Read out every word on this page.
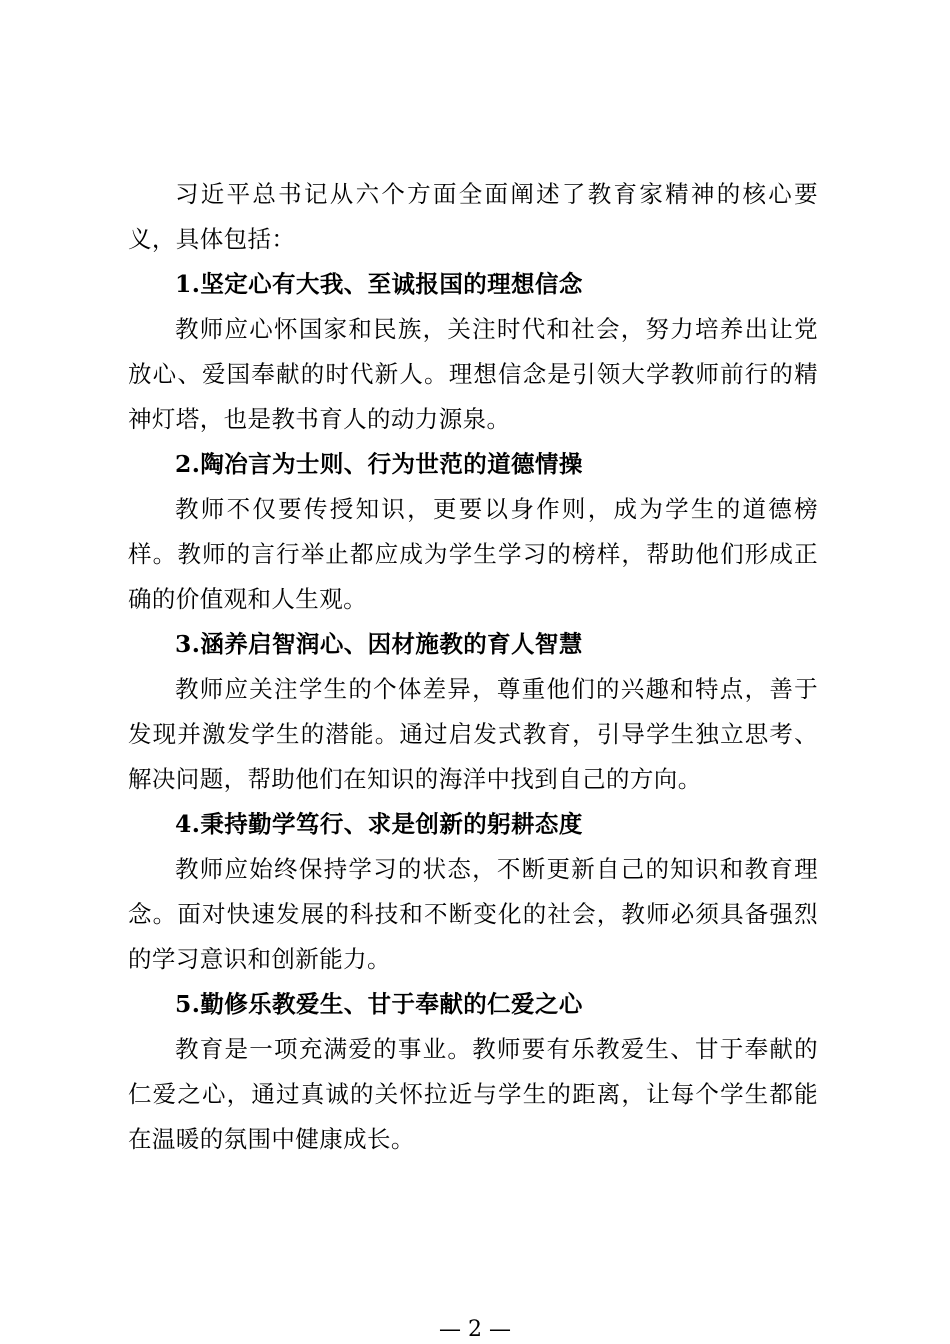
习近平总书记从六个方面全面阐述了教育家精神的核心要义，具体包括：

1.坚定心有大我、至诚报国的理想信念

教师应心怀国家和民族，关注时代和社会，努力培养出让党放心、爱国奉献的时代新人。理想信念是引领大学教师前行的精神灯塔，也是教书育人的动力源泉。

2.陶冶言为士则、行为世范的道德情操

教师不仅要传授知识，更要以身作则，成为学生的道德榜样。教师的言行举止都应成为学生学习的榜样，帮助他们形成正确的价值观和人生观。

3.涵养启智润心、因材施教的育人智慧

教师应关注学生的个体差异，尊重他们的兴趣和特点，善于发现并激发学生的潜能。通过启发式教育，引导学生独立思考、解决问题，帮助他们在知识的海洋中找到自己的方向。

4.秉持勤学笃行、求是创新的躬耕态度

教师应始终保持学习的状态，不断更新自己的知识和教育理念。面对快速发展的科技和不断变化的社会，教师必须具备强烈的学习意识和创新能力。

5.勤修乐教爱生、甘于奉献的仁爱之心

教育是一项充满爱的事业。教师要有乐教爱生、甘于奉献的仁爱之心，通过真诚的关怀拉近与学生的距离，让每个学生都能在温暖的氛围中健康成长。

— 2 —
